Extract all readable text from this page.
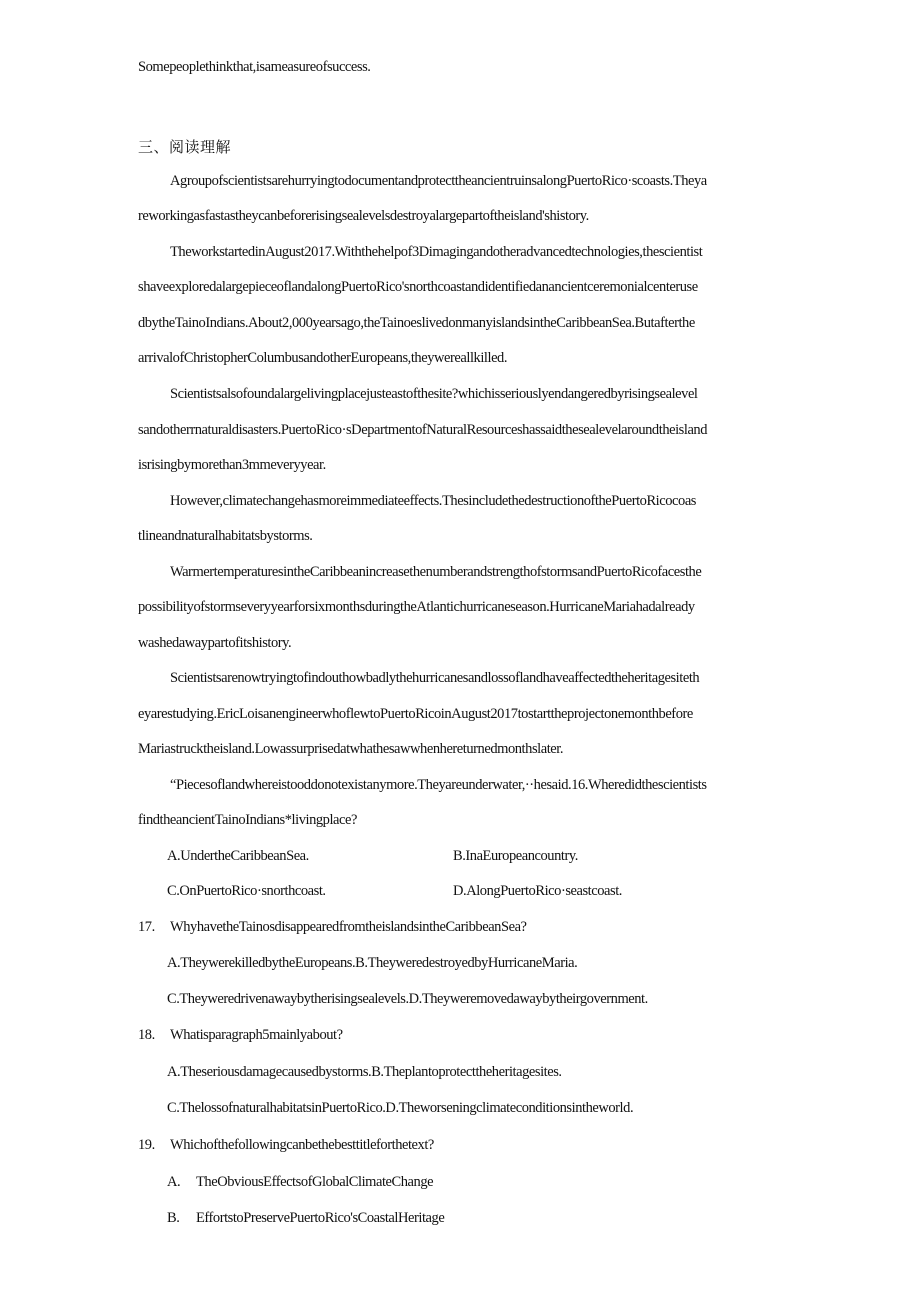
Somepeoplethinkthat,isameasureofsuccess.
三、阅读理解
AgroupofscientistsarehurryingtodocumentandprotecttheancientruinsalongPuertoRico·scoasts.Theya
reworkingasfastastheycanbeforerisingsealevelsdestroyalargepartoftheisland'shistory.
TheworkstartedinAugust2017.Withthehelpof3Dimagingandotheradvancedtechnologies,thescientist
shaveexploredalargepieceoflandalongPuertoRico'snorthcoastandidentifiedanancientceremonialcenteruse
dbytheTainoIndians.About2,000yearsago,theTainoeslivedonmanyislandsintheCaribbeanSea.Butafterthe
arrivalofChristopherColumbusandotherEuropeans,theywereallkilled.
Scientistsalsofoundalargelivingplacejusteastofthesite?whichisseriouslyendangeredbyrisingsealevel
sandotherrnaturaldisasters.PuertoRico·sDepartmentofNaturalResourceshassaidthesealevelaroundtheisland
isrisingbymorethan3mmeveryyear.
However,climatechangehasmoreimmediateeffects.ThesincludethedestructionofthePuertoRicocoas
tlineandnaturalhabitatsbystorms.
WarmertemperaturesintheCaribbeanincreasethenumberandstrengthofstormsandPuertoRicofacesthe
possibilityofstormseveryyearforsixmonthsduringtheAtlantichurricaneseason.HurricaneMariahadalready
washedawaypartofitshistory.
Scientistsarenowtryingtofindouthowbadlythehurricanesandlossoflandhaveaffectedtheheritagesiteth
eyarestudying.EricLoisanengineerwhoflewtoPuertoRicoinAugust2017tostarttheprojectonemonthbefore
Mariastrucktheisland.Lowassurprisedatwhathesawwhenhereturnedmonthslater.
“Piecesoflandwhereistooddonotexistanymore.Theyareunderwater,··hesaid.16.Wheredidthescientists
findtheancientTainoIndians*livingplace?
A.UndertheCaribbeanSea.	B.InaEuropeancountry.
C.OnPuertoRico·snorthcoast.	D.AlongPuertoRico·seastcoast.
17. WhyhavetheTainosdisappearedfromtheislandsintheCaribbeanSea?
A.TheywerekilledbytheEuropeans.B.TheyweredestroyedbyHurricaneMaria.
C.Theyweredrivenawaybytherisingsealevels.D.Theyweremovedawaybytheirgovernment.
18. Whatisparagraph5mainlyabout?
A.Theseriousdamagecausedbystorms.B.Theplantoprotecttheheritagesites.
C.ThelossofnaturalhabitatsinPuertoRico.D.Theworseningclimateconditionsintheworld.
19. Whichofthefollowingcanbethebesttitleforthetext?
A. TheObviousEffectsofGlobalClimateChange
B. EffortstoPreservePuertoRico'sCoastalHeritage
